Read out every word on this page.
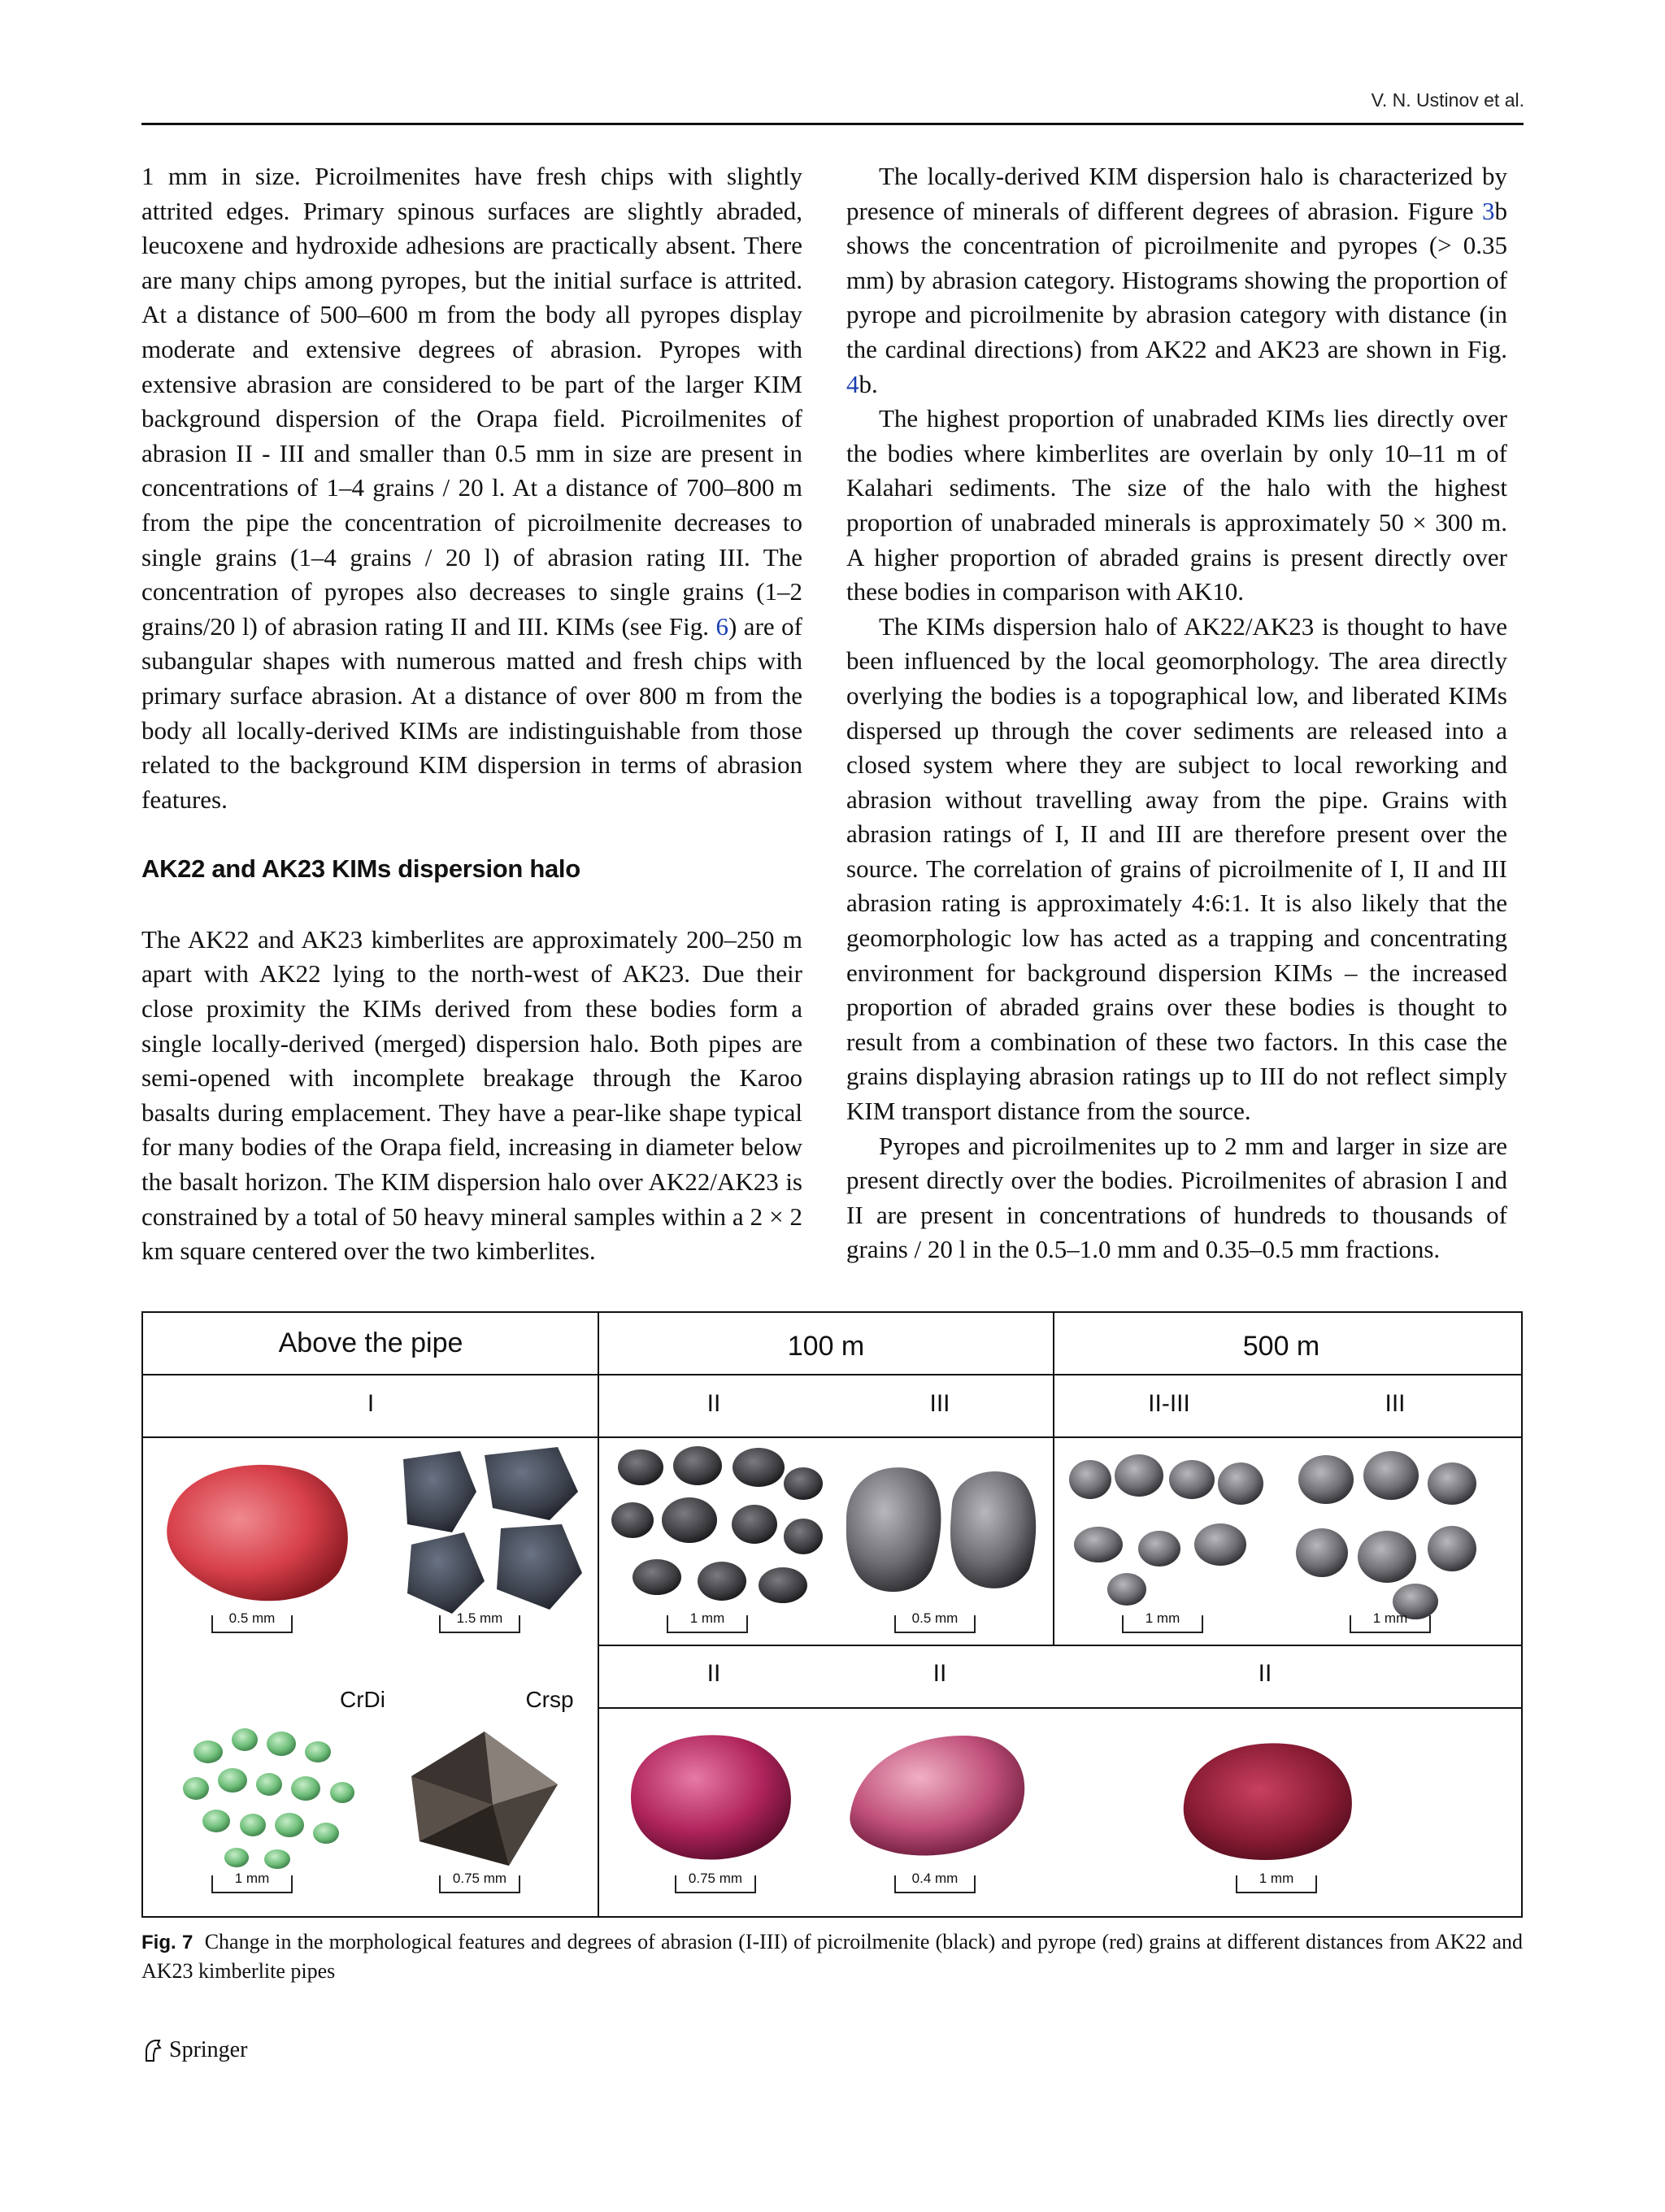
V. N. Ustinov et al.

1 mm in size. Picroilmenites have fresh chips with slightly attrited edges. Primary spinous surfaces are slightly abraded, leucoxene and hydroxide adhesions are practically absent. There are many chips among pyropes, but the initial surface is attrited. At a distance of 500–600 m from the body all pyropes display moderate and extensive degrees of abrasion. Pyropes with extensive abrasion are considered to be part of the larger KIM background dispersion of the Orapa field. Picroilmenites of abrasion II - III and smaller than 0.5 mm in size are present in concentrations of 1–4 grains / 20 l. At a distance of 700–800 m from the pipe the concentration of picroilmenite decreases to single grains (1–4 grains / 20 l) of abrasion rating III. The concentration of pyropes also decreases to single grains (1–2 grains/20 l) of abrasion rating II and III. KIMs (see Fig. 6) are of subangular shapes with numerous matted and fresh chips with primary surface abrasion. At a distance of over 800 m from the body all locally-derived KIMs are indistinguishable from those related to the background KIM dispersion in terms of abrasion features.

AK22 and AK23 KIMs dispersion halo

The AK22 and AK23 kimberlites are approximately 200–250 m apart with AK22 lying to the north-west of AK23. Due their close proximity the KIMs derived from these bodies form a single locally-derived (merged) dispersion halo. Both pipes are semi-opened with incomplete breakage through the Karoo basalts during emplacement. They have a pear-like shape typical for many bodies of the Orapa field, increasing in diameter below the basalt horizon. The KIM dispersion halo over AK22/AK23 is constrained by a total of 50 heavy mineral samples within a 2 × 2 km square centered over the two kimberlites.

The locally-derived KIM dispersion halo is characterized by presence of minerals of different degrees of abrasion. Figure 3b shows the concentration of picroilmenite and pyropes (> 0.35 mm) by abrasion category. Histograms showing the proportion of pyrope and picroilmenite by abrasion category with distance (in the cardinal directions) from AK22 and AK23 are shown in Fig. 4b.

The highest proportion of unabraded KIMs lies directly over the bodies where kimberlites are overlain by only 10–11 m of Kalahari sediments. The size of the halo with the highest proportion of unabraded minerals is approximately 50 × 300 m. A higher proportion of abraded grains is present directly over these bodies in comparison with AK10.

The KIMs dispersion halo of AK22/AK23 is thought to have been influenced by the local geomorphology. The area directly overlying the bodies is a topographical low, and liberated KIMs dispersed up through the cover sediments are released into a closed system where they are subject to local reworking and abrasion without travelling away from the pipe. Grains with abrasion ratings of I, II and III are therefore present over the source. The correlation of grains of picroilmenite of I, II and III abrasion rating is approximately 4:6:1. It is also likely that the geomorphologic low has acted as a trapping and concentrating environment for background dispersion KIMs – the increased proportion of abraded grains over these bodies is thought to result from a combination of these two factors. In this case the grains displaying abrasion ratings up to III do not reflect simply KIM transport distance from the source.

Pyropes and picroilmenites up to 2 mm and larger in size are present directly over the bodies. Picroilmenites of abrasion I and II are present in concentrations of hundreds to thousands of grains / 20 l in the 0.5–1.0 mm and 0.35–0.5 mm fractions.

Above the pipe	100 m	500 m
I	II	III	II-III	III
II	II	II
CrDi	Crsp
0.5 mm	1.5 mm	1 mm	0.5 mm	1 mm	1 mm
1 mm	0.75 mm	0.75 mm	0.4 mm	1 mm
Fig. 7 Change in the morphological features and degrees of abrasion (I-III) of picroilmenite (black) and pyrope (red) grains at different distances from AK22 and AK23 kimberlite pipes
Springer
